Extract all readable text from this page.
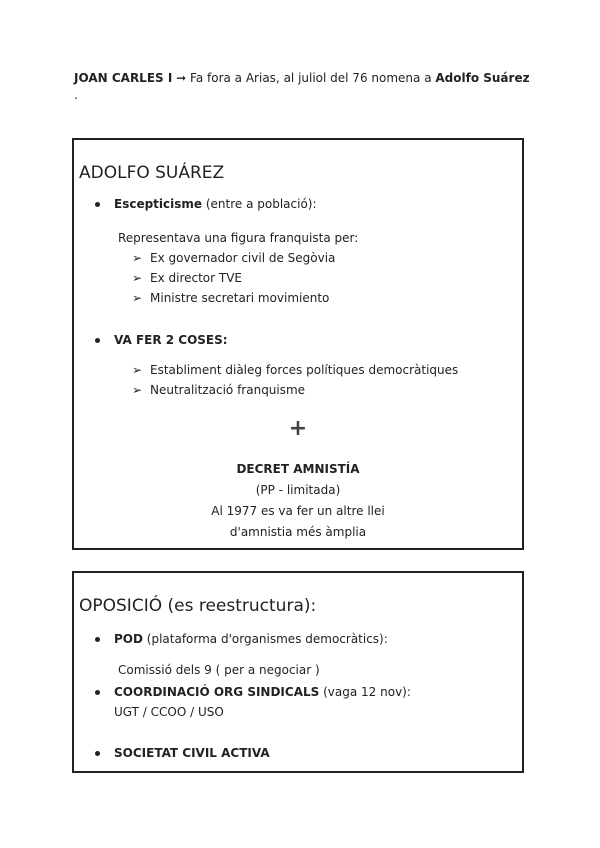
JOAN CARLES I ➞ Fa fora a Arias, al juliol del 76 nomena a Adolfo Suárez .
ADOLFO SUÁREZ
Escepticisme (entre a població):
Representava una figura franquista per:
➢ Ex governador civil de Segòvia
➢ Ex director TVE
➢ Ministre secretari movimiento
VA FER 2 COSES:
➢ Establiment diàleg forces polítiques democràtiques
➢ Neutralització franquisme
+
DECRET AMNISTÍA
(PP - limitada)
Al 1977 es va fer un altre llei
d'amnistia més àmplia
OPOSICIÓ (es reestructura):
POD (plataforma d'organismes democràtics):
Comissió dels 9 ( per a negociar )
COORDINACIÓ ORG SINDICALS (vaga 12 nov):
UGT / CCOO / USO
SOCIETAT CIVIL ACTIVA
